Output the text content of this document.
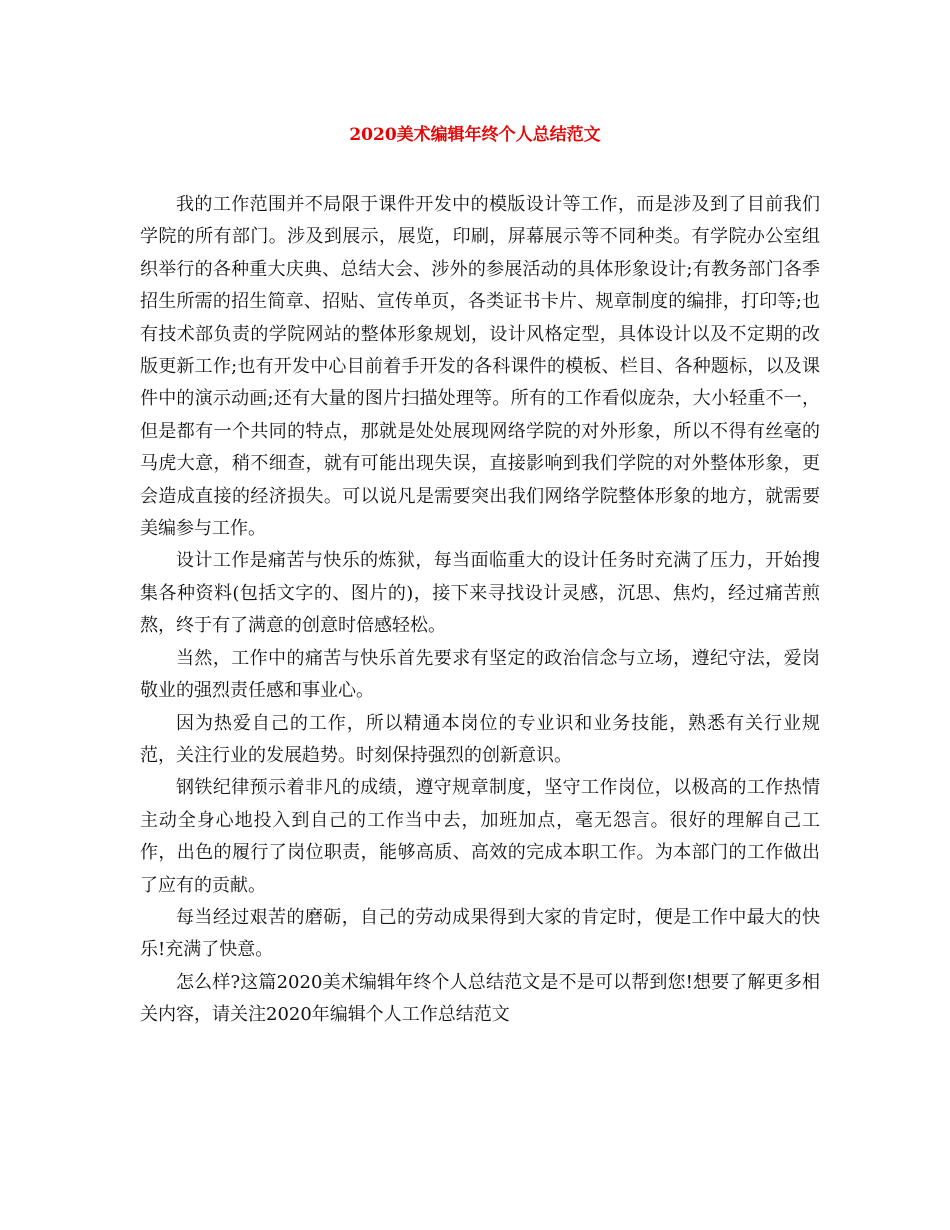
2020美术编辑年终个人总结范文

我的工作范围并不局限于课件开发中的模版设计等工作，而是涉及到了目前我们学院的所有部门。涉及到展示，展览，印刷，屏幕展示等不同种类。有学院办公室组织举行的各种重大庆典、总结大会、涉外的参展活动的具体形象设计;有教务部门各季招生所需的招生简章、招贴、宣传单页，各类证书卡片、规章制度的编排，打印等;也有技术部负责的学院网站的整体形象规划，设计风格定型，具体设计以及不定期的改版更新工作;也有开发中心目前着手开发的各科课件的模板、栏目、各种题标，以及课件中的演示动画;还有大量的图片扫描处理等。所有的工作看似庞杂，大小轻重不一，但是都有一个共同的特点，那就是处处展现网络学院的对外形象，所以不得有丝毫的马虎大意，稍不细查，就有可能出现失误，直接影响到我们学院的对外整体形象，更会造成直接的经济损失。可以说凡是需要突出我们网络学院整体形象的地方，就需要美编参与工作。

设计工作是痛苦与快乐的炼狱，每当面临重大的设计任务时充满了压力，开始搜集各种资料(包括文字的、图片的)，接下来寻找设计灵感，沉思、焦灼，经过痛苦煎熬，终于有了满意的创意时倍感轻松。

当然，工作中的痛苦与快乐首先要求有坚定的政治信念与立场，遵纪守法，爱岗敬业的强烈责任感和事业心。

因为热爱自己的工作，所以精通本岗位的专业识和业务技能，熟悉有关行业规范，关注行业的发展趋势。时刻保持强烈的创新意识。

钢铁纪律预示着非凡的成绩，遵守规章制度，坚守工作岗位，以极高的工作热情主动全身心地投入到自己的工作当中去，加班加点，毫无怨言。很好的理解自己工作，出色的履行了岗位职责，能够高质、高效的完成本职工作。为本部门的工作做出了应有的贡献。

每当经过艰苦的磨砺，自己的劳动成果得到大家的肯定时，便是工作中最大的快乐!充满了快意。

怎么样?这篇2020美术编辑年终个人总结范文是不是可以帮到您!想要了解更多相关内容，请关注2020年编辑个人工作总结范文
